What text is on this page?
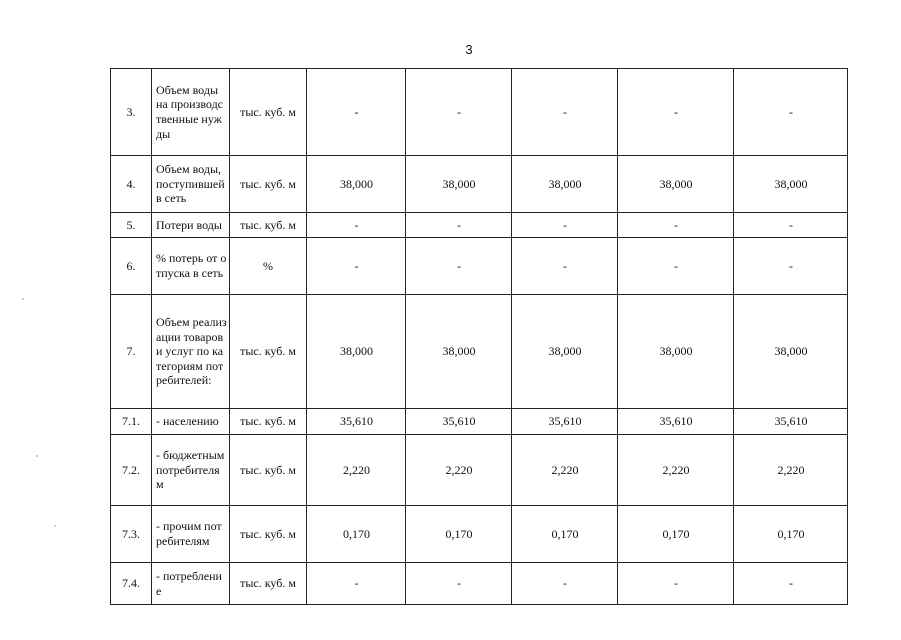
3
3.	Объем воды на производственные нужды	тыс. куб. м	-	-	-	-	-
4.	Объем воды, поступившей в сеть	тыс. куб. м	38,000	38,000	38,000	38,000	38,000
5.	Потери воды	тыс. куб. м	-	-	-	-	-
6.	% потерь от отпуска в сеть	%	-	-	-	-	-
7.	Объем реализации товаров и услуг по категориям потребителей:	тыс. куб. м	38,000	38,000	38,000	38,000	38,000
7.1.	- населению	тыс. куб. м	35,610	35,610	35,610	35,610	35,610
7.2.	- бюджетным потребителям	тыс. куб. м	2,220	2,220	2,220	2,220	2,220
7.3.	- прочим потребителям	тыс. куб. м	0,170	0,170	0,170	0,170	0,170
7.4.	- потребление	тыс. куб. м	-	-	-	-	-
